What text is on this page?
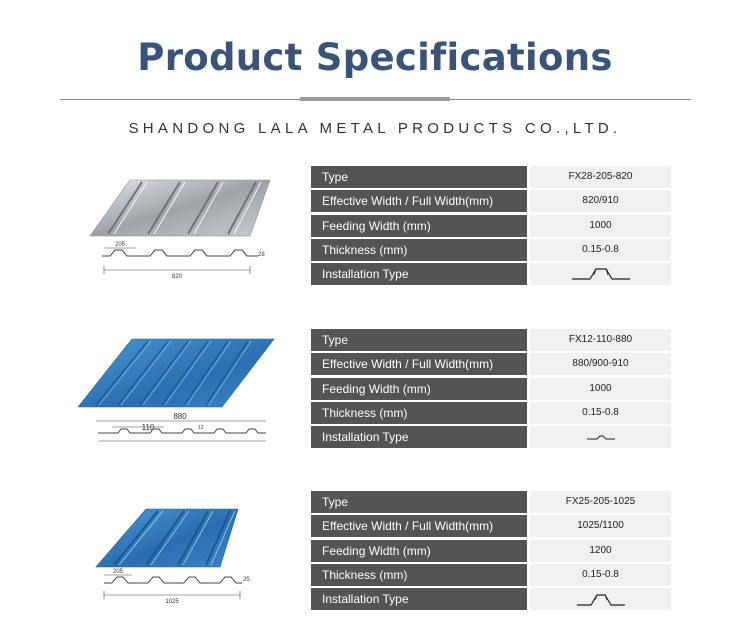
Product Specifications
SHANDONG LALA METAL PRODUCTS CO.,LTD.
205
820
28
Type	FX28-205-820
Effective Width / Full Width(mm)	820/910
Feeding Width (mm)	1000
Thickness (mm)	0.15-0.8
Installation Type
880
110	12
Type	FX12-110-880
Effective Width / Full Width(mm)	880/900-910
Feeding Width (mm)	1000
Thickness (mm)	0.15-0.8
Installation Type
205
1025
25
Type	FX25-205-1025
Effective Width / Full Width(mm)	1025/1100
Feeding Width (mm)	1200
Thickness (mm)	0.15-0.8
Installation Type
